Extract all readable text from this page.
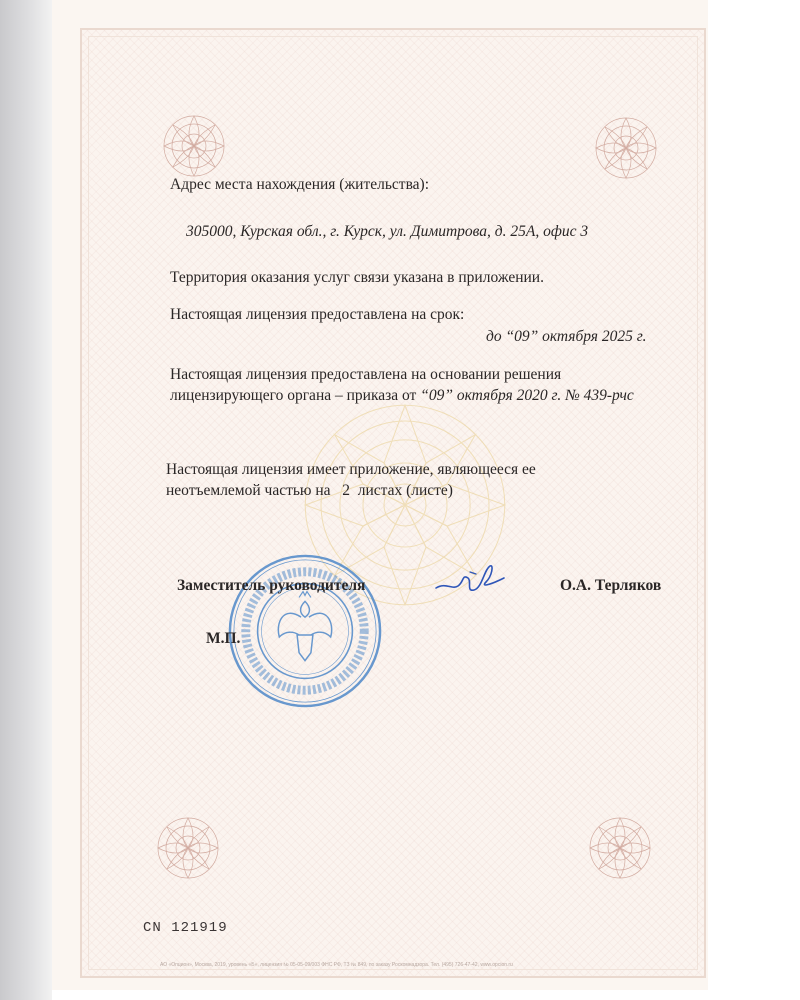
Адрес места нахождения (жительства):
305000, Курская обл., г. Курск, ул. Димитрова, д. 25А, офис 3
Территория оказания услуг связи указана в приложении.
Настоящая лицензия предоставлена на срок:
до “09” октября 2025 г.
Настоящая лицензия предоставлена на основании решения
лицензирующего органа – приказа от “09” октября 2020 г. № 439-рчс
Настоящая лицензия имеет приложение, являющееся ее
неотъемлемой частью на   2 листах (листе)
Заместитель руководителя	О.А. Терляков
М.П.
CN 121919
АО «Опцион», Москва, 2019, уровень «Б», лицензия № 05-05-09/003 ФНС РФ, ТЗ № 849, по заказу Роскомнадзора. Тел. (495) 726-47-42, www.opcion.ru
